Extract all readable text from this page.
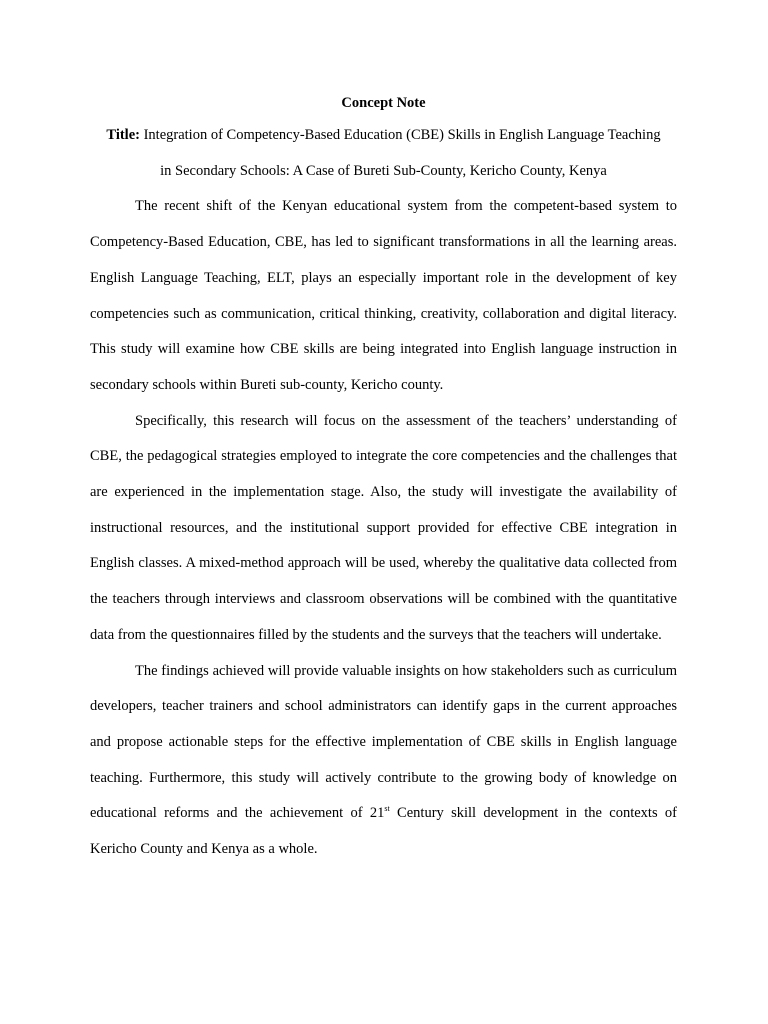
Concept Note

Title: Integration of Competency-Based Education (CBE) Skills in English Language Teaching
in Secondary Schools: A Case of Bureti Sub-County, Kericho County, Kenya

The recent shift of the Kenyan educational system from the competent-based system to Competency-Based Education, CBE, has led to significant transformations in all the learning areas. English Language Teaching, ELT, plays an especially important role in the development of key competencies such as communication, critical thinking, creativity, collaboration and digital literacy. This study will examine how CBE skills are being integrated into English language instruction in secondary schools within Bureti sub-county, Kericho county.

Specifically, this research will focus on the assessment of the teachers’ understanding of CBE, the pedagogical strategies employed to integrate the core competencies and the challenges that are experienced in the implementation stage. Also, the study will investigate the availability of instructional resources, and the institutional support provided for effective CBE integration in English classes. A mixed-method approach will be used, whereby the qualitative data collected from the teachers through interviews and classroom observations will be combined with the quantitative data from the questionnaires filled by the students and the surveys that the teachers will undertake.

The findings achieved will provide valuable insights on how stakeholders such as curriculum developers, teacher trainers and school administrators can identify gaps in the current approaches and propose actionable steps for the effective implementation of CBE skills in English language teaching. Furthermore, this study will actively contribute to the growing body of knowledge on educational reforms and the achievement of 21st Century skill development in the contexts of Kericho County and Kenya as a whole.
